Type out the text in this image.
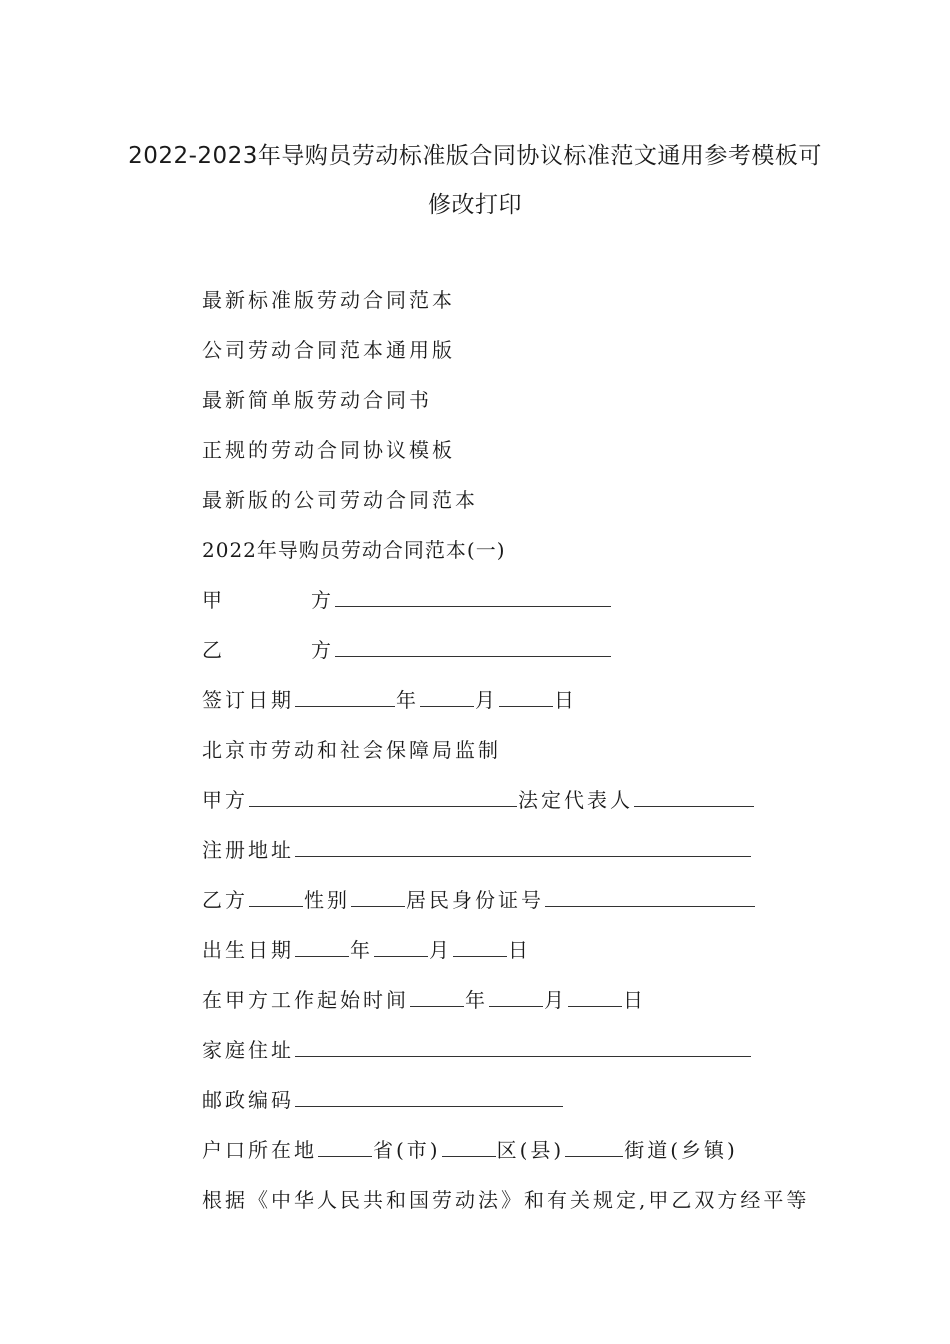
2022-2023年导购员劳动标准版合同协议标准范文通用参考模板可
修改打印
最新标准版劳动合同范本
公司劳动合同范本通用版
最新简单版劳动合同书
正规的劳动合同协议模板
最新版的公司劳动合同范本
2022年导购员劳动合同范本(一)
甲	方
乙	方
签订日期	年	月	日
北京市劳动和社会保障局监制
甲方	法定代表人
注册地址
乙方	性别	居民身份证号
出生日期	年	月	日
在甲方工作起始时间	年	月	日
家庭住址
邮政编码
户口所在地	省(市)	区(县)	街道(乡镇)
根据《中华人民共和国劳动法》和有关规定,甲乙双方经平等
